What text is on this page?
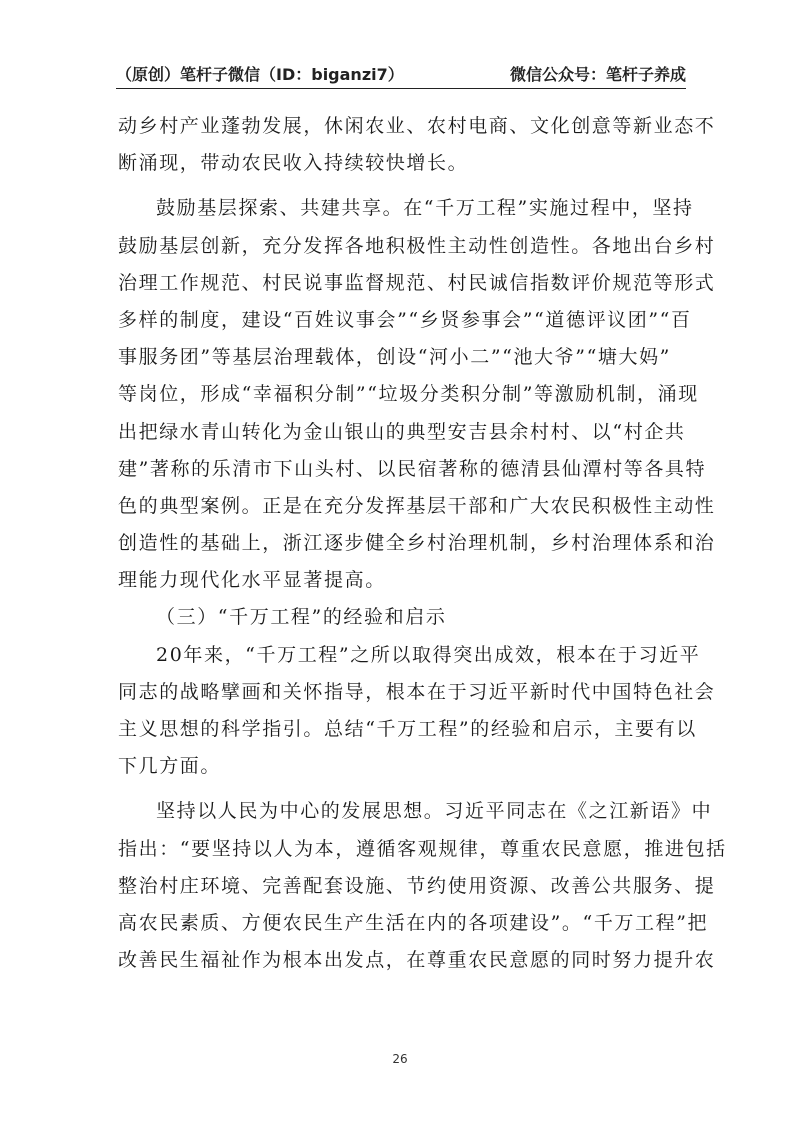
（原创）笔杆子微信（ID：biganzi7）	微信公众号：笔杆子养成
动乡村产业蓬勃发展，休闲农业、农村电商、文化创意等新业态不
断涌现，带动农民收入持续较快增长。
鼓励基层探索、共建共享。在“千万工程”实施过程中，坚持
鼓励基层创新，充分发挥各地积极性主动性创造性。各地出台乡村
治理工作规范、村民说事监督规范、村民诚信指数评价规范等形式
多样的制度，建设“百姓议事会”“乡贤参事会”“道德评议团”“百
事服务团”等基层治理载体，创设“河小二”“池大爷”“塘大妈”
等岗位，形成“幸福积分制”“垃圾分类积分制”等激励机制，涌现
出把绿水青山转化为金山银山的典型安吉县余村村、以“村企共
建”著称的乐清市下山头村、以民宿著称的德清县仙潭村等各具特
色的典型案例。正是在充分发挥基层干部和广大农民积极性主动性
创造性的基础上，浙江逐步健全乡村治理机制，乡村治理体系和治
理能力现代化水平显著提高。
（三）“千万工程”的经验和启示
20年来，“千万工程”之所以取得突出成效，根本在于习近平
同志的战略擘画和关怀指导，根本在于习近平新时代中国特色社会
主义思想的科学指引。总结“千万工程”的经验和启示，主要有以
下几方面。
坚持以人民为中心的发展思想。习近平同志在《之江新语》中
指出：“要坚持以人为本，遵循客观规律，尊重农民意愿，推进包括
整治村庄环境、完善配套设施、节约使用资源、改善公共服务、提
高农民素质、方便农民生产生活在内的各项建设”。“千万工程”把
改善民生福祉作为根本出发点，在尊重农民意愿的同时努力提升农
26
